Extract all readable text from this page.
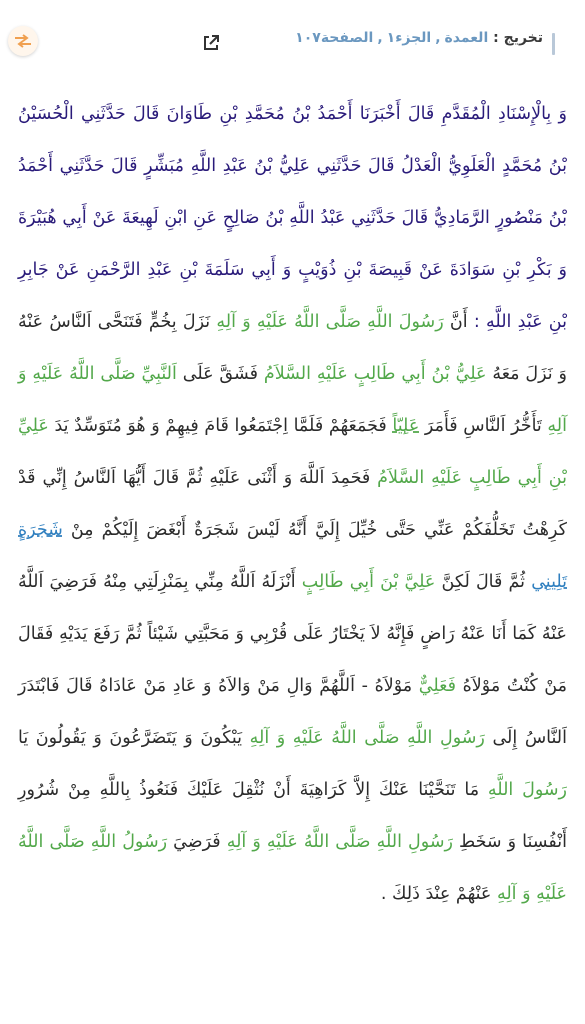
تخريج : العمدة,الجزء١,الصفحة١٠٧
وَ بِالْإِسْنَادِ الْمُقَدَّمِ قَالَ أَخْبَرَنَا أَحْمَدُ بْنُ مُحَمَّدِ بْنِ طَاوَانَ قَالَ حَدَّثَنِي الْحُسَيْنُ بْنُ مُحَمَّدٍ الْعَلَوِيُّ الْعَدْلُ قَالَ حَدَّثَنِي عَلِيُّ بْنُ عَبْدِ اللَّهِ مُبَشِّرٍ قَالَ حَدَّثَنِي أَحْمَدُ بْنُ مَنْصُورٍ الرَّمَادِيُّ قَالَ حَدَّثَنِي عَبْدُ اللَّهِ بْنُ صَالِحٍ عَنِ ابْنِ لَهِيعَةَ عَنْ أَبِي هُبَيْرَةَ وَ بَكْرِ بْنِ سَوَادَةَ عَنْ قَبِيصَةَ بْنِ ذُوَيْبٍ وَ أَبِي سَلَمَةَ بْنِ عَبْدِ الرَّحْمَنِ عَنْ جَابِرِ بْنِ عَبْدِ اللَّهِ : أَنَّ رَسُولَ اللَّهِ صَلَّى اللَّهُ عَلَيْهِ وَ آلِهِ نَزَلَ بِخُمٍّ فَتَنَحَّى اَلنَّاسُ عَنْهُ وَ نَزَلَ مَعَهُ عَلِيُّ بْنُ أَبِي طَالِبٍ عَلَيْهِ السَّلاَمُ فَشَقَّ عَلَى اَلنَّبِيِّ صَلَّى اللَّهُ عَلَيْهِ وَ آلِهِ تَأَخُّرُ اَلنَّاسِ فَأَمَرَ عَلِيّاً فَجَمَعَهُمْ فَلَمَّا اِجْتَمَعُوا قَامَ فِيهِمْ وَ هُوَ مُتَوَسِّدٌ يَدَ عَلِيِّ بْنِ أَبِي طَالِبٍ عَلَيْهِ السَّلاَمُ فَحَمِدَ اَللَّهَ وَ أَثْنَى عَلَيْهِ ثُمَّ قَالَ أَيُّهَا اَلنَّاسُ إِنِّي قَدْ كَرِهْتُ تَخَلُّفَكُمْ عَنِّي حَتَّى خُيِّلَ إِلَيَّ أَنَّهُ لَيْسَ شَجَرَةٌ أَبْغَضَ إِلَيْكُمْ مِنْ شَجَرَةٍ تَلِينِي ثُمَّ قَالَ لَكِنَّ عَلِيَّ بْنَ أَبِي طَالِبٍ أَنْزَلَهُ اَللَّهُ مِنِّي بِمَنْزِلَتِي مِنْهُ فَرَضِيَ اَللَّهُ عَنْهُ كَمَا أَنَا عَنْهُ رَاضٍ فَإِنَّهُ لاَ يَخْتَارُ عَلَى قُرْبِي وَ مَحَبَّتِي شَيْئاً ثُمَّ رَفَعَ يَدَيْهِ فَقَالَ مَنْ كُنْتُ مَوْلاَهُ فَعَلِيٌّ مَوْلاَهُ - اَللَّهُمَّ وَالِ مَنْ وَالاَهُ وَ عَادِ مَنْ عَادَاهُ قَالَ فَابْتَدَرَ اَلنَّاسُ إِلَى رَسُولِ اللَّهِ صَلَّى اللَّهُ عَلَيْهِ وَ آلِهِ يَبْكُونَ وَ يَتَضَرَّعُونَ وَ يَقُولُونَ يَا رَسُولَ اللَّهِ مَا تَنَحَّيْنَا عَنْكَ إِلاَّ كَرَاهِيَةَ أَنْ نُثْقِلَ عَلَيْكَ فَنَعُوذُ بِاللَّهِ مِنْ شُرُورِ أَنْفُسِنَا وَ سَخَطِ رَسُولِ اللَّهِ صَلَّى اللَّهُ عَلَيْهِ وَ آلِهِ فَرَضِيَ رَسُولُ اللَّهِ صَلَّى اللَّهُ عَلَيْهِ وَ آلِهِ عَنْهُمْ عِنْدَ ذَلِكَ .
